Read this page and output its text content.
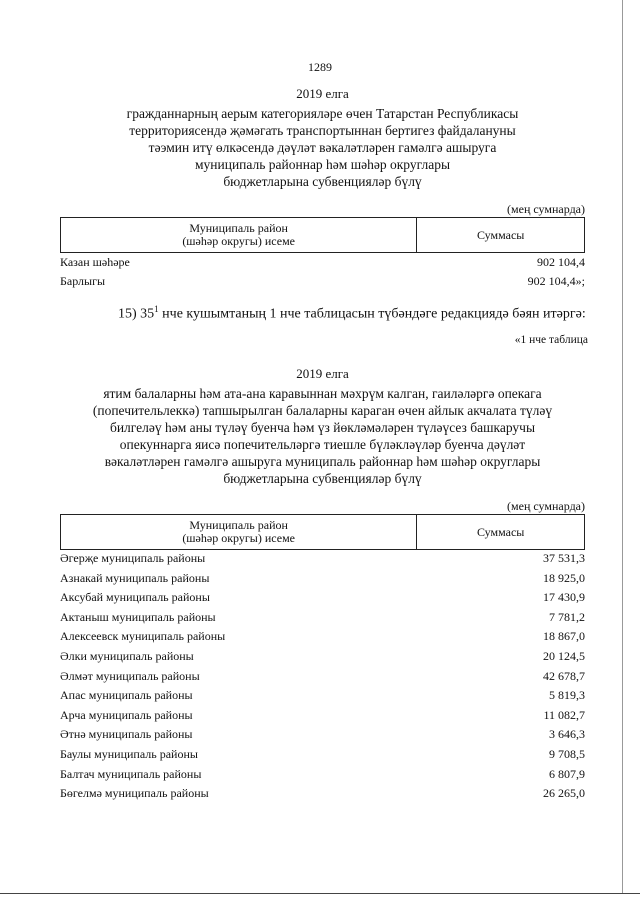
1289
2019 елга
гражданнарның аерым категорияләре өчен Татарстан Республикасы
территориясендә җәмәгать транспортыннан бертигез файдалануны
тәэмин итү өлкәсендә дәүләт вәкаләтләрен гамәлгә ашыруга
муниципаль районнар һәм шәһәр округлары
бюджетларына субвенцияләр бүлү
(мең сумнарда)
Муниципаль район
(шәһәр округы) исеме	Суммасы
Казан шәһәре	902 104,4
Барлыгы	902 104,4»;
15) $35^1$ нче кушымтаның 1 нче таблицасын түбәндәге редакциядә бәян итәргә:
«1 нче таблица
2019 елга
ятим балаларны һәм ата-ана каравыннан мәхрүм калган, гаиләләргә опекага
(попечительлеккә) тапшырылган балаларны караган өчен айлык акчалата түләү
билгеләү һәм аны түләү буенча һәм үз йөкләмәләрен түләүсез башкаручы
опекуннарга яисә попечительләргә тиешле бүләкләүләр буенча дәүләт
вәкаләтләрен гамәлгә ашыруга муниципаль районнар һәм шәһәр округлары
бюджетларына субвенцияләр бүлү
(мең сумнарда)
Муниципаль район
(шәһәр округы) исеме	Суммасы
Әгерҗе муниципаль районы	37 531,3
Азнакай муниципаль районы	18 925,0
Аксубай муниципаль районы	17 430,9
Актаныш муниципаль районы	7 781,2
Алексеевск муниципаль районы	18 867,0
Әлки муниципаль районы	20 124,5
Әлмәт муниципаль районы	42 678,7
Апас муниципаль районы	5 819,3
Арча муниципаль районы	11 082,7
Әтнә муниципаль районы	3 646,3
Баулы муниципаль районы	9 708,5
Балтач муниципаль районы	6 807,9
Бөгелмә муниципаль районы	26 265,0
